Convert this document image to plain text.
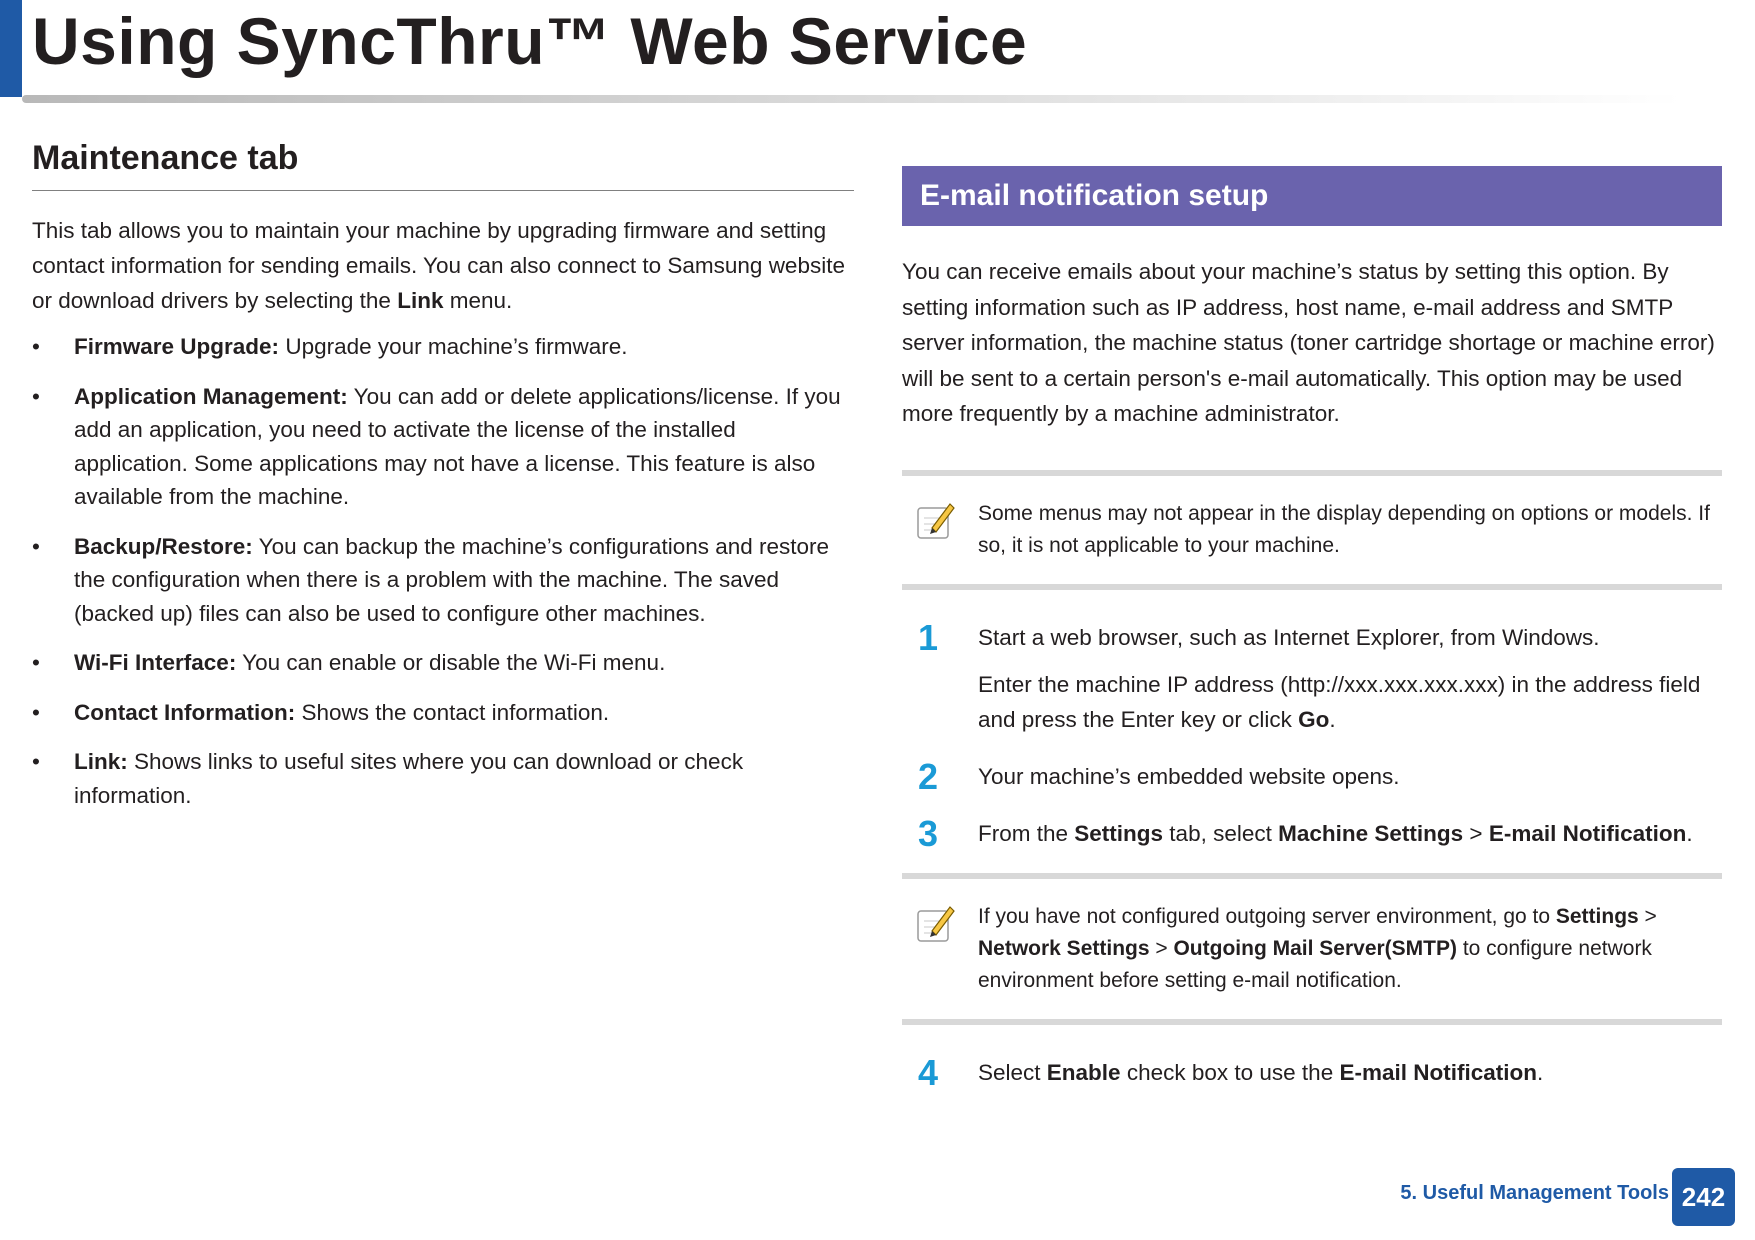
Using SyncThru™ Web Service
Maintenance tab

This tab allows you to maintain your machine by upgrading firmware and setting contact information for sending emails. You can also connect to Samsung website or download drivers by selecting the Link menu.

• Firmware Upgrade: Upgrade your machine’s firmware.
• Application Management: You can add or delete applications/license. If you add an application, you need to activate the license of the installed application. Some applications may not have a license. This feature is also available from the machine.
• Backup/Restore: You can backup the machine’s configurations and restore the configuration when there is a problem with the machine. The saved (backed up) files can also be used to configure other machines.
• Wi-Fi Interface: You can enable or disable the Wi-Fi menu.
• Contact Information: Shows the contact information.
• Link: Shows links to useful sites where you can download or check information.
E-mail notification setup

You can receive emails about your machine’s status by setting this option. By setting information such as IP address, host name, e-mail address and SMTP server information, the machine status (toner cartridge shortage or machine error) will be sent to a certain person's e-mail automatically. This option may be used more frequently by a machine administrator.

Some menus may not appear in the display depending on options or models. If so, it is not applicable to your machine.
1 Start a web browser, such as Internet Explorer, from Windows.

Enter the machine IP address (http://xxx.xxx.xxx.xxx) in the address field and press the Enter key or click Go.

2 Your machine’s embedded website opens.

3 From the Settings tab, select Machine Settings > E-mail Notification.

If you have not configured outgoing server environment, go to Settings > Network Settings > Outgoing Mail Server(SMTP) to configure network environment before setting e-mail notification.
4 Select Enable check box to use the E-mail Notification.

5. Useful Management Tools 242
